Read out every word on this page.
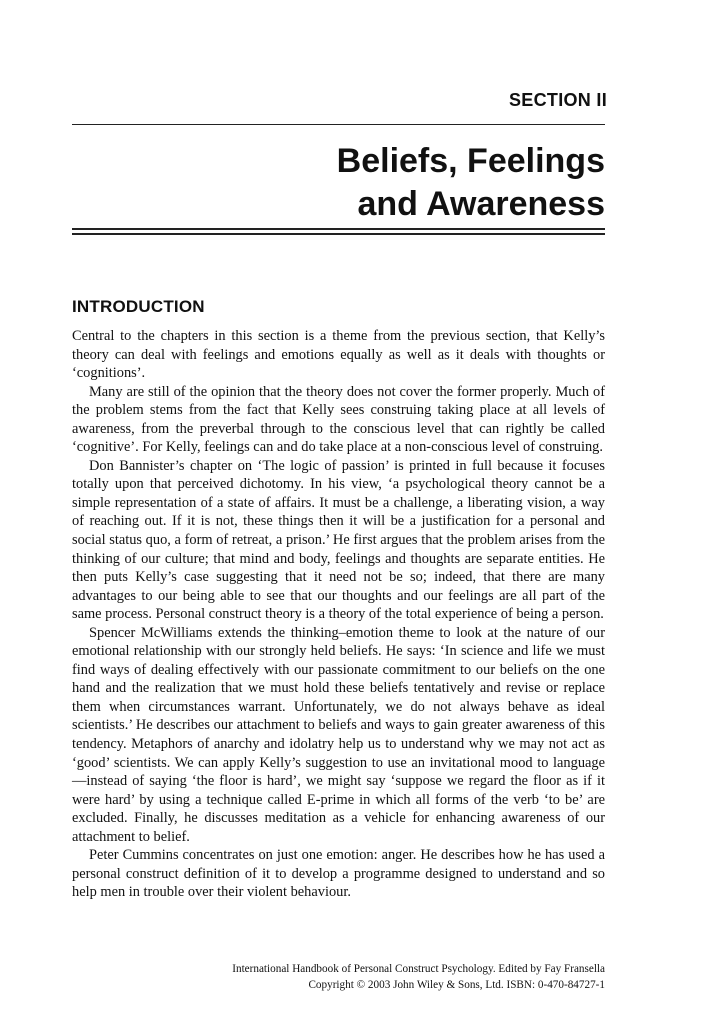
SECTION II
Beliefs, Feelings
and Awareness
INTRODUCTION

Central to the chapters in this section is a theme from the previous section, that Kelly’s theory can deal with feelings and emotions equally as well as it deals with thoughts or ‘cognitions’.

Many are still of the opinion that the theory does not cover the former properly. Much of the problem stems from the fact that Kelly sees construing taking place at all levels of awareness, from the preverbal through to the conscious level that can rightly be called ‘cognitive’. For Kelly, feelings can and do take place at a non-conscious level of construing.

Don Bannister’s chapter on ‘The logic of passion’ is printed in full because it focuses totally upon that perceived dichotomy. In his view, ‘a psychological theory cannot be a simple representation of a state of affairs. It must be a challenge, a liberating vision, a way of reaching out. If it is not, these things then it will be a justification for a personal and social status quo, a form of retreat, a prison.’ He first argues that the problem arises from the thinking of our culture; that mind and body, feelings and thoughts are separate entities. He then puts Kelly’s case suggesting that it need not be so; indeed, that there are many advantages to our being able to see that our thoughts and our feelings are all part of the same process. Personal construct theory is a theory of the total experience of being a person.

Spencer McWilliams extends the thinking–emotion theme to look at the nature of our emotional relationship with our strongly held beliefs. He says: ‘In science and life we must find ways of dealing effectively with our passionate commitment to our beliefs on the one hand and the realization that we must hold these beliefs tentatively and revise or replace them when circumstances warrant. Unfortunately, we do not always behave as ideal scientists.’ He describes our attachment to beliefs and ways to gain greater awareness of this tendency. Metaphors of anarchy and idolatry help us to understand why we may not act as ‘good’ scientists. We can apply Kelly’s suggestion to use an invitational mood to language—instead of saying ‘the floor is hard’, we might say ‘suppose we regard the floor as if it were hard’ by using a technique called E-prime in which all forms of the verb ‘to be’ are excluded. Finally, he discusses meditation as a vehicle for enhancing awareness of our attachment to belief.

Peter Cummins concentrates on just one emotion: anger. He describes how he has used a personal construct definition of it to develop a programme designed to understand and so help men in trouble over their violent behaviour.

International Handbook of Personal Construct Psychology. Edited by Fay Fransella
Copyright © 2003 John Wiley & Sons, Ltd. ISBN: 0-470-84727-1
